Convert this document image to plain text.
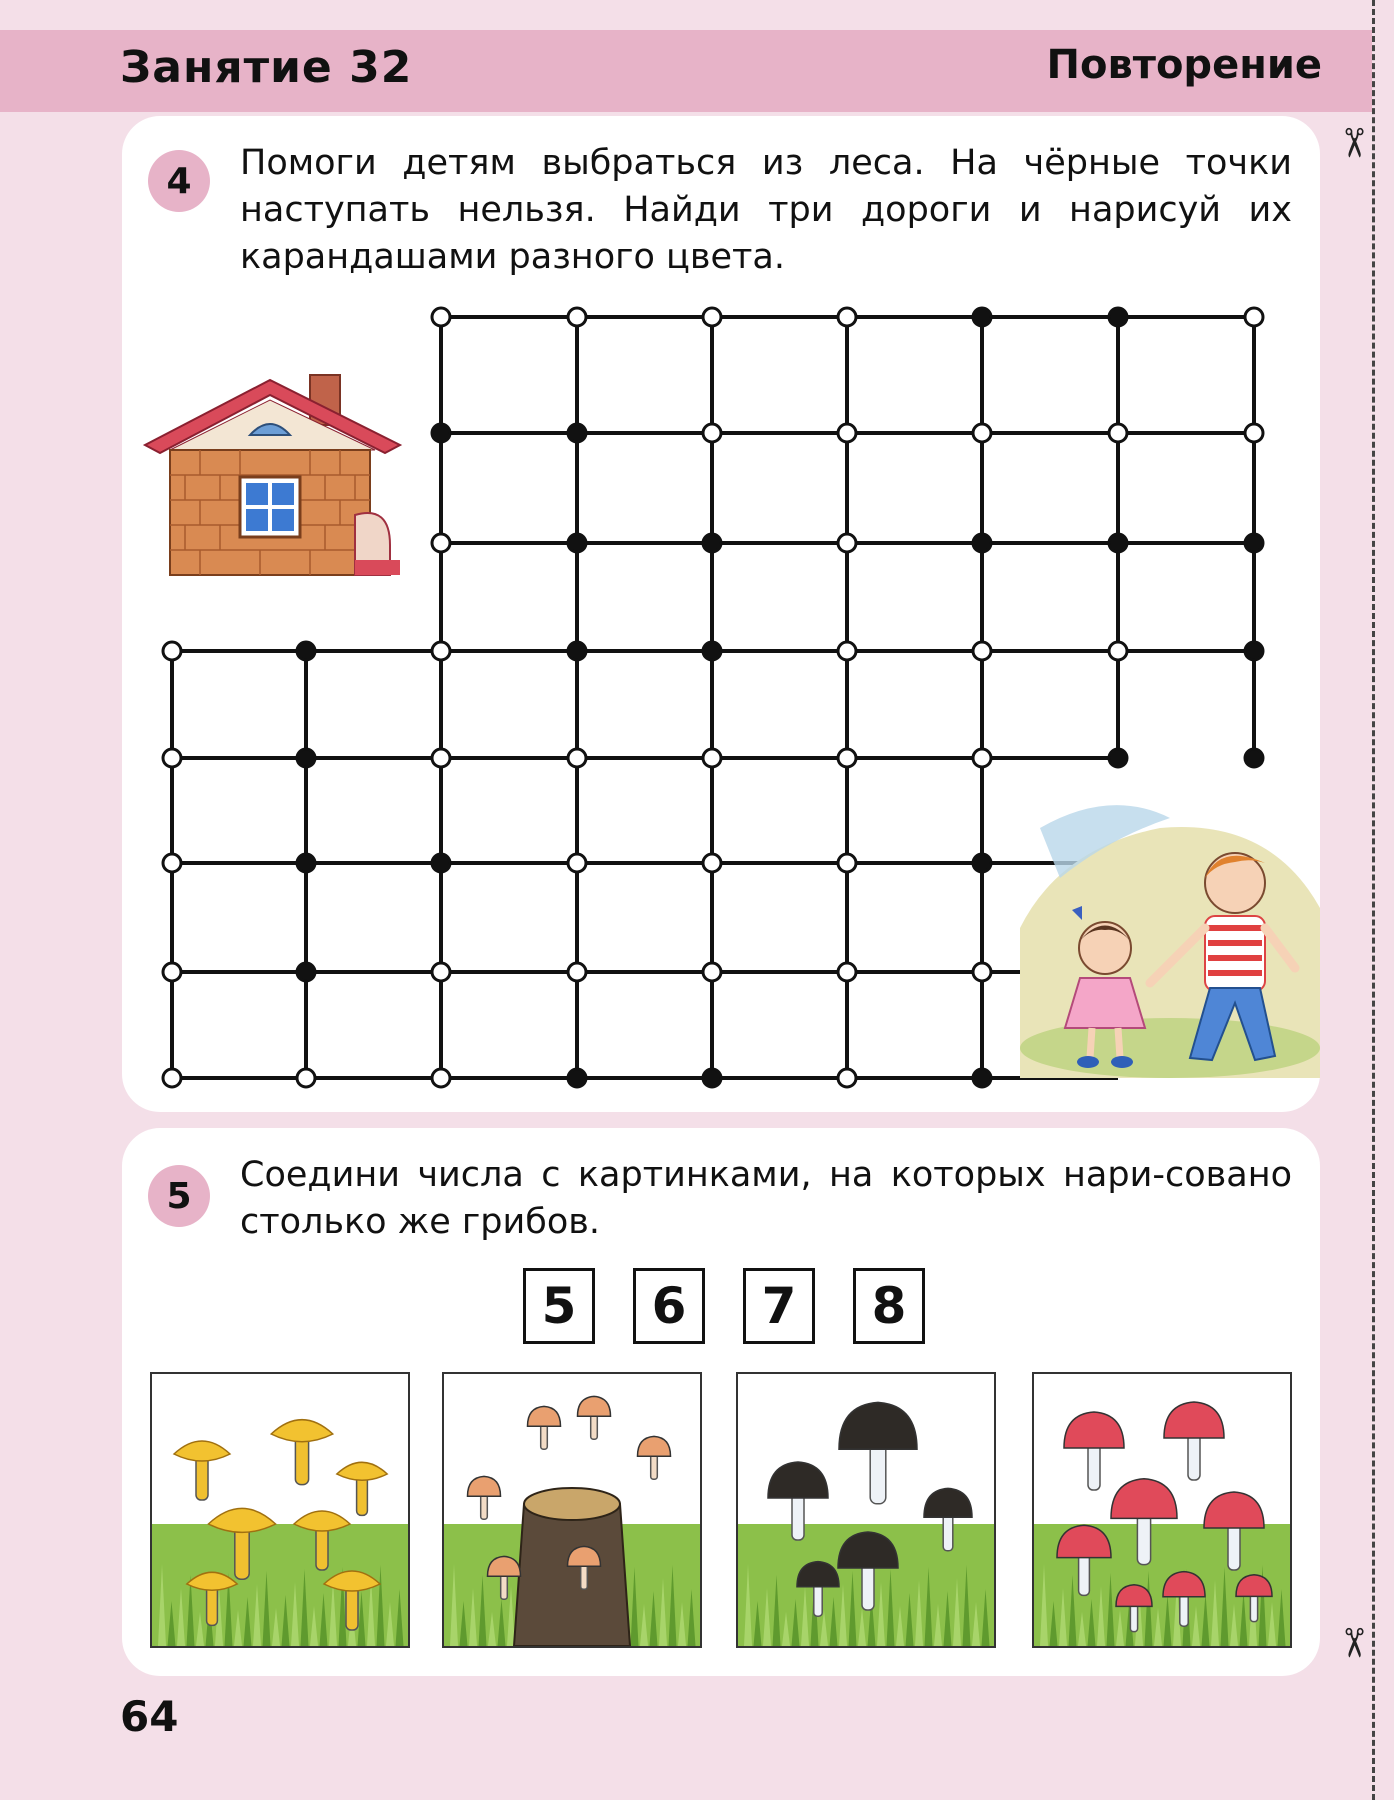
Занятие 32	Повторение
✂
✂
4	Помоги детям выбраться из леса. На чёрные точки наступать нельзя. Найди три дороги и нарисуй их карандашами разного цвета.
5
Соедини числа с картинками, на которых нари-совано столько же грибов.
5	6	7	8
64
